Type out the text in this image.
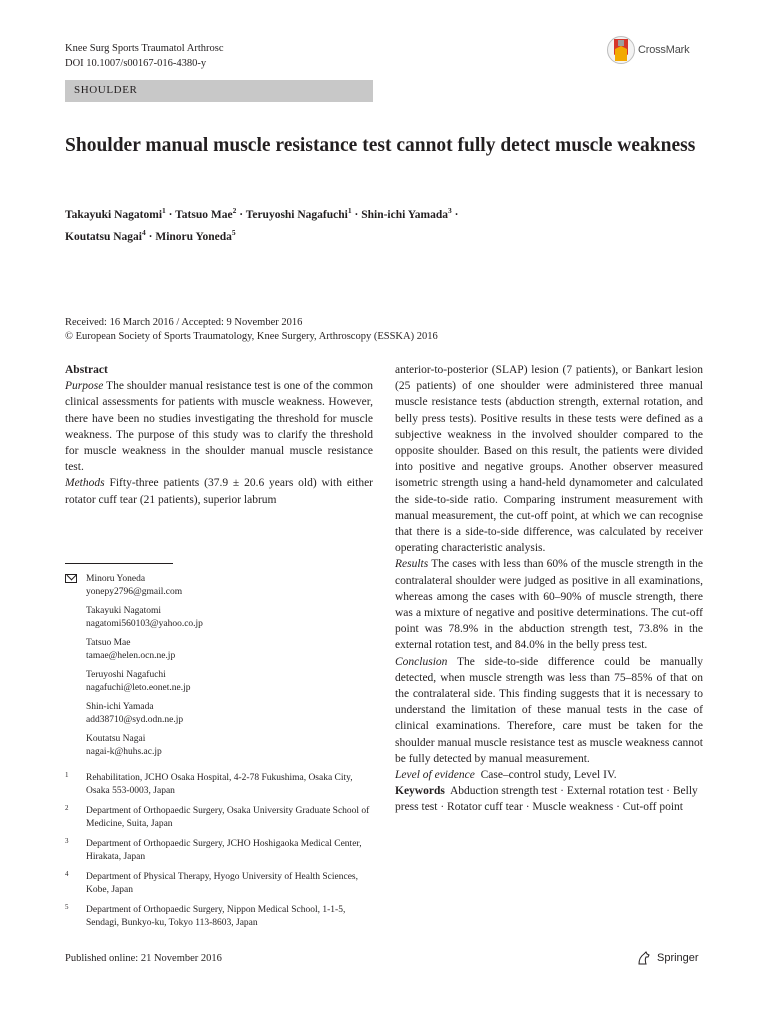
Knee Surg Sports Traumatol Arthrosc
DOI 10.1007/s00167-016-4380-y
CrossMark
SHOULDER
Shoulder manual muscle resistance test cannot fully detect muscle weakness
Takayuki Nagatomi$^1$ · Tatsuo Mae$^2$ · Teruyoshi Nagafuchi$^1$ · Shin-ichi Yamada$^3$ ·
Koutatsu Nagai$^4$ · Minoru Yoneda$^5$
Received: 16 March 2016 / Accepted: 9 November 2016
© European Society of Sports Traumatology, Knee Surgery, Arthroscopy (ESSKA) 2016

Abstract

Purpose The shoulder manual resistance test is one of the common clinical assessments for patients with muscle weakness. However, there have been no studies investigating the threshold for muscle weakness. The purpose of this study was to clarify the threshold for muscle weakness in the shoulder manual muscle resistance test.

Methods Fifty-three patients (37.9 ± 20.6 years old) with either rotator cuff tear (21 patients), superior labrum

Minoru Yoneda
yonepy2796@gmail.com
Takayuki Nagatomi
nagatomi560103@yahoo.co.jp
Tatsuo Mae
tamae@helen.ocn.ne.jp
Teruyoshi Nagafuchi
nagafuchi@leto.eonet.ne.jp
Shin-ichi Yamada
add38710@syd.odn.ne.jp
Koutatsu Nagai
nagai-k@huhs.ac.jp
1 Rehabilitation, JCHO Osaka Hospital, 4-2-78 Fukushima, Osaka City, Osaka 553-0003, Japan
2 Department of Orthopaedic Surgery, Osaka University Graduate School of Medicine, Suita, Japan
3 Department of Orthopaedic Surgery, JCHO Hoshigaoka Medical Center, Hirakata, Japan
4 Department of Physical Therapy, Hyogo University of Health Sciences, Kobe, Japan
5 Department of Orthopaedic Surgery, Nippon Medical School, 1-1-5, Sendagi, Bunkyo-ku, Tokyo 113-8603, Japan

anterior-to-posterior (SLAP) lesion (7 patients), or Bankart lesion (25 patients) of one shoulder were administered three manual muscle resistance tests (abduction strength, external rotation, and belly press tests). Positive results in these tests were defined as a subjective weakness in the involved shoulder compared to the opposite shoulder. Based on this result, the patients were divided into positive and negative groups. Another observer measured isometric strength using a hand-held dynamometer and calculated the side-to-side ratio. Comparing instrument measurement with manual measurement, the cut-off point, at which we can recognise that there is a side-to-side difference, was calculated by receiver operating characteristic analysis.

Results The cases with less than 60% of the muscle strength in the contralateral shoulder were judged as positive in all examinations, whereas among the cases with 60–90% of muscle strength, there was a mixture of negative and positive determinations. The cut-off point was 78.9% in the abduction strength test, 73.8% in the external rotation test, and 84.0% in the belly press test.

Conclusion The side-to-side difference could be manually detected, when muscle strength was less than 75–85% of that on the contralateral side. This finding suggests that it is necessary to understand the limitation of these manual tests in the case of clinical examinations. Therefore, care must be taken for the shoulder manual muscle resistance test as muscle weakness cannot be fully detected by manual measurement.

Level of evidence Case–control study, Level IV.

Keywords Abduction strength test · External rotation test · Belly press test · Rotator cuff tear · Muscle weakness · Cut-off point

Published online: 21 November 2016	Springer
